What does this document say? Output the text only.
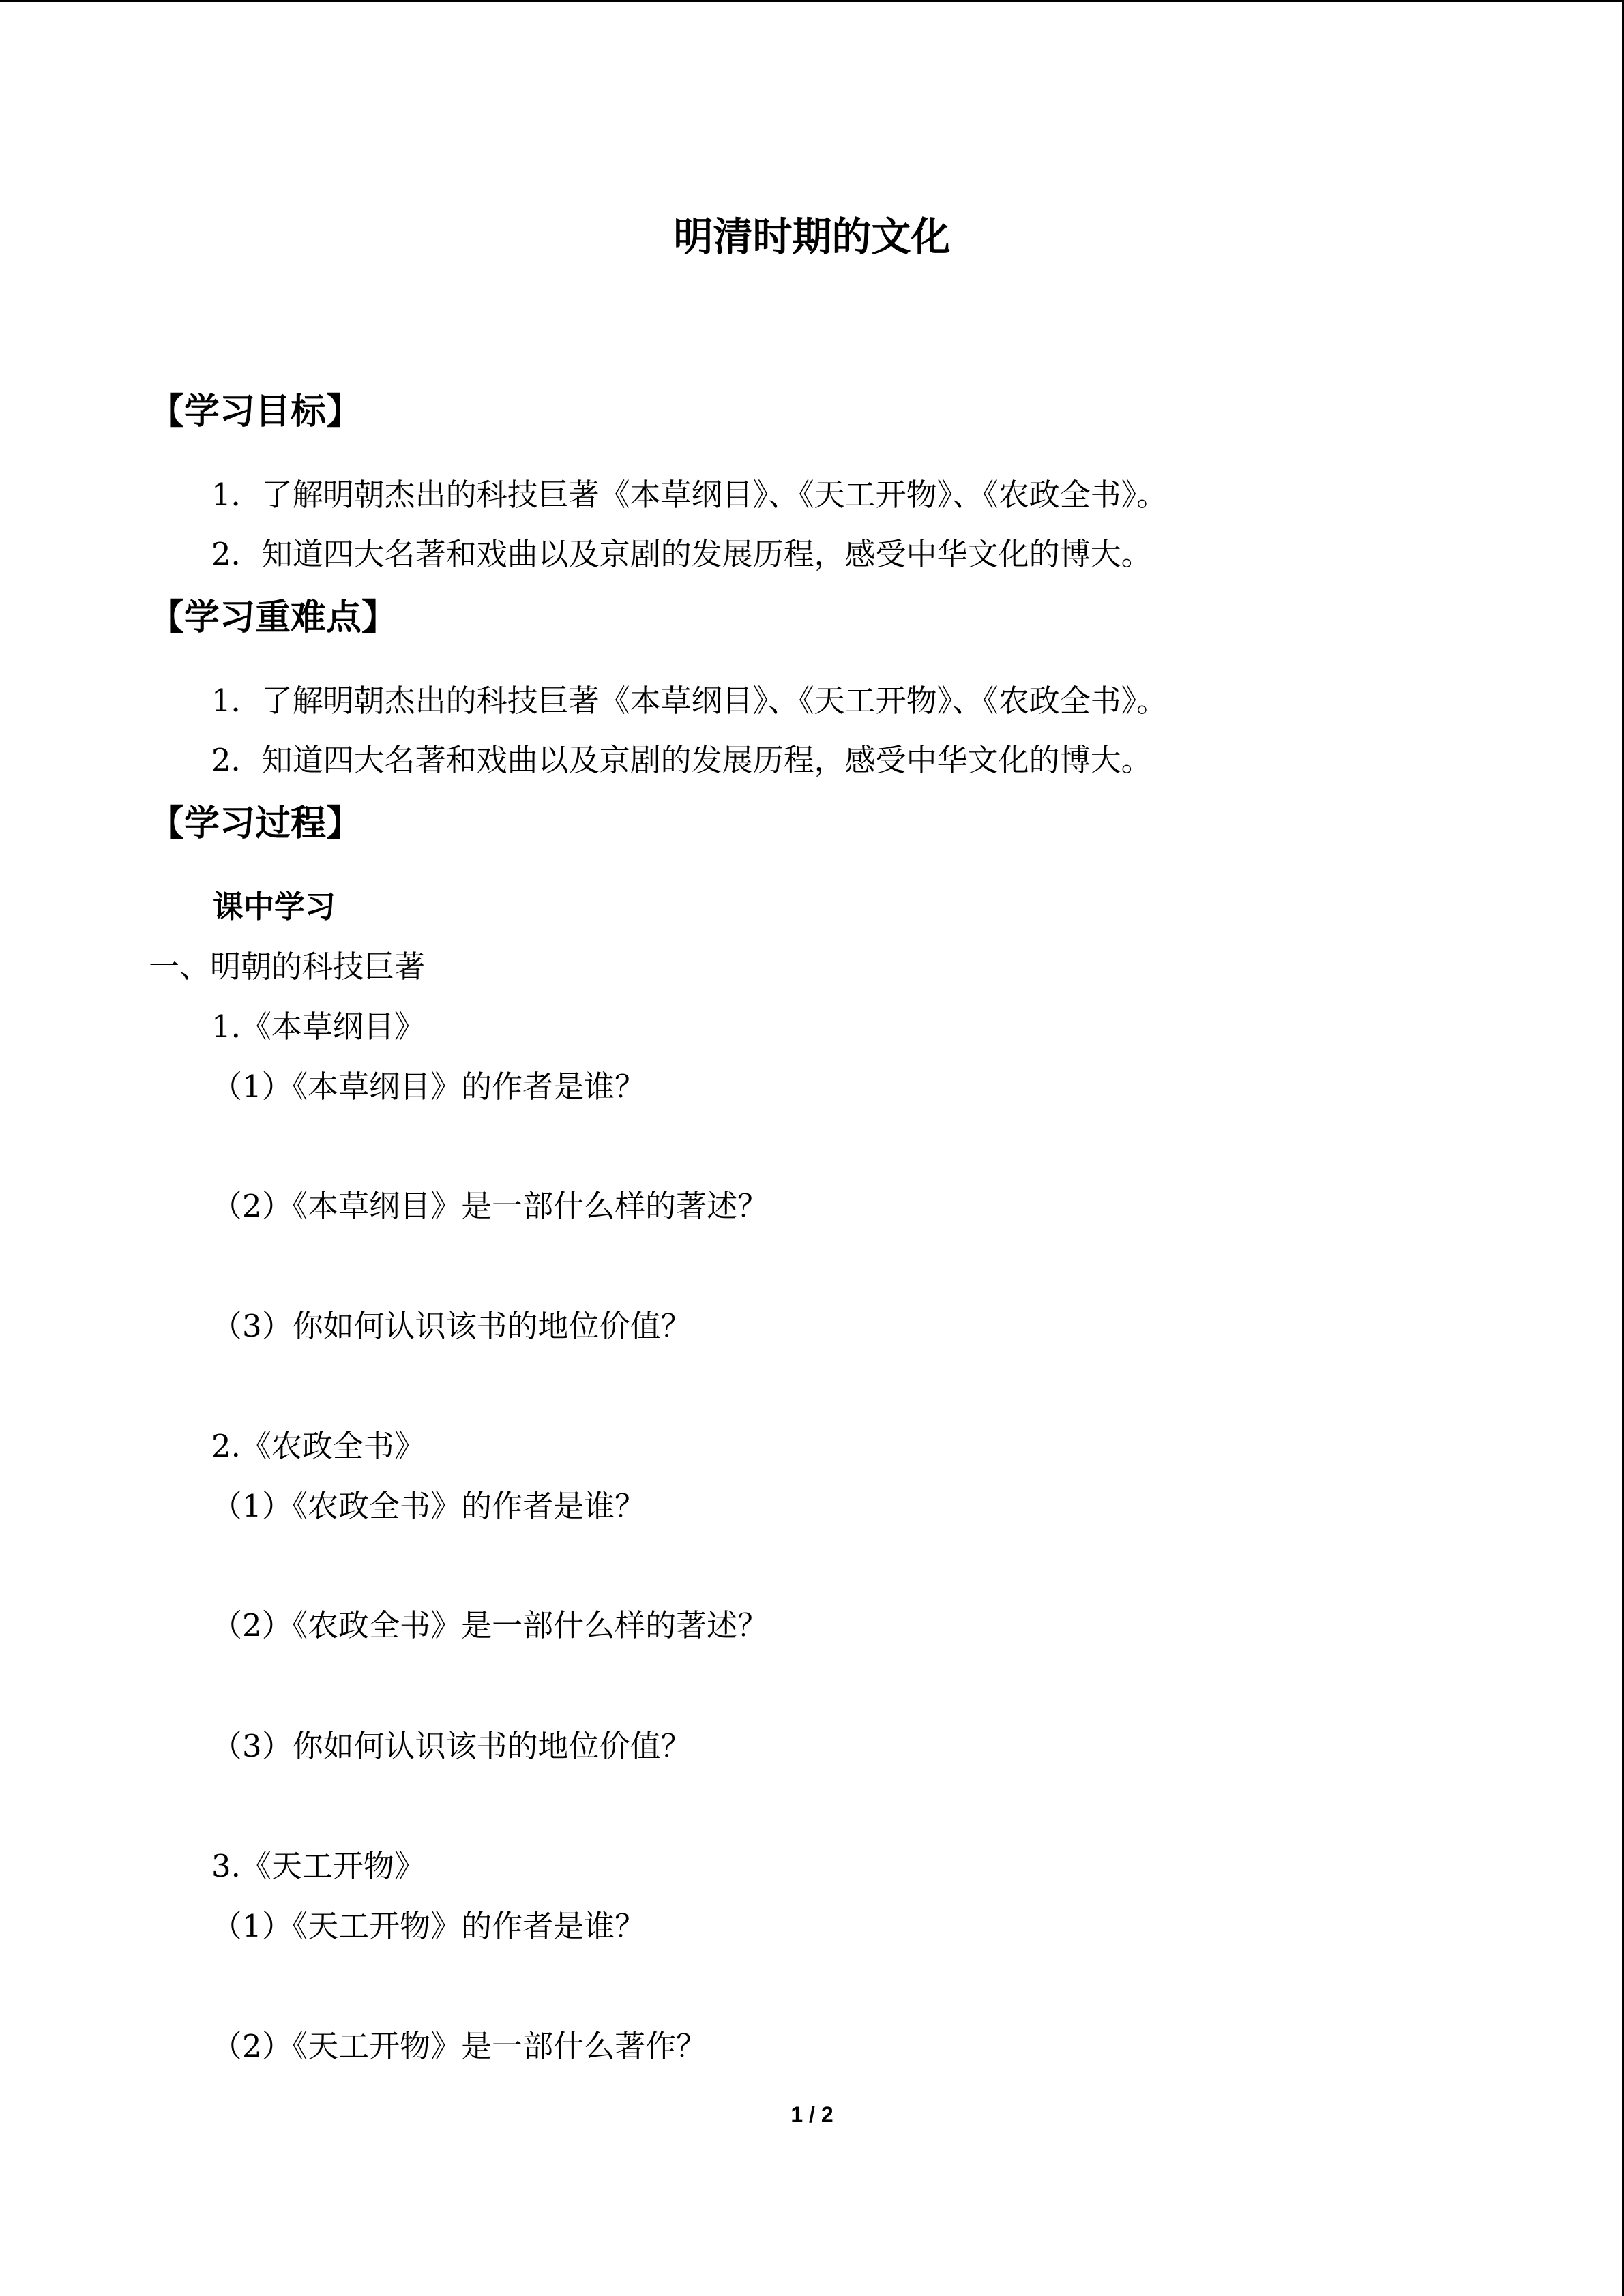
明清时期的文化
【学习目标】
1．了解明朝杰出的科技巨著《本草纲目》、《天工开物》、《农政全书》。
2．知道四大名著和戏曲以及京剧的发展历程，感受中华文化的博大。
【学习重难点】
1．了解明朝杰出的科技巨著《本草纲目》、《天工开物》、《农政全书》。
2．知道四大名著和戏曲以及京剧的发展历程，感受中华文化的博大。
【学习过程】
课中学习
一、明朝的科技巨著
1.《本草纲目》
（1）《本草纲目》的作者是谁？
（2）《本草纲目》是一部什么样的著述？
（3）你如何认识该书的地位价值？
2.《农政全书》
（1）《农政全书》的作者是谁？
（2）《农政全书》是一部什么样的著述？
（3）你如何认识该书的地位价值？
3.《天工开物》
（1）《天工开物》的作者是谁？
（2）《天工开物》是一部什么著作？
1 / 2
